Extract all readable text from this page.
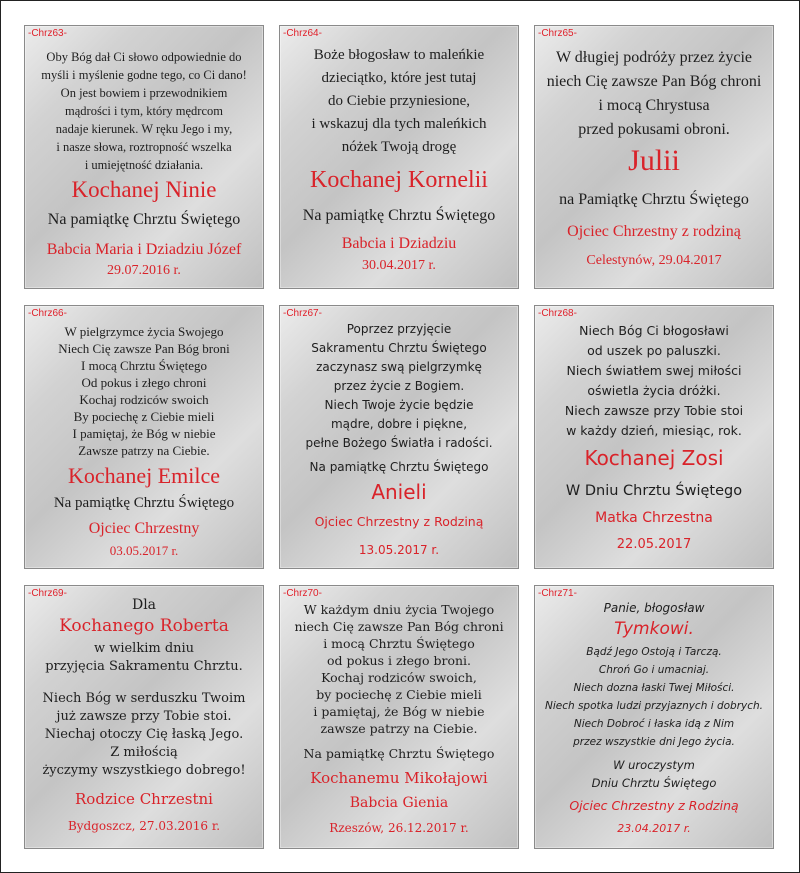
-Chrz63-
Oby Bóg dał Ci słowo odpowiednie do
myśli i myślenie godne tego, co Ci dano!
On jest bowiem i przewodnikiem
mądrości i tym, który mędrcom
nadaje kierunek. W ręku Jego i my,
i nasze słowa, roztropność wszelka
i umiejętność działania.
Kochanej Ninie
Na pamiątkę Chrztu Świętego
Babcia Maria i Dziadziu Józef
29.07.2016 r.
-Chrz64-
Boże błogosław to maleńkie
dzieciątko, które jest tutaj
do Ciebie przyniesione,
i wskazuj dla tych maleńkich
nóżek Twoją drogę
Kochanej Kornelii
Na pamiątkę Chrztu Świętego
Babcia i Dziadziu
30.04.2017 r.
-Chrz65-
W długiej podróży przez życie
niech Cię zawsze Pan Bóg chroni
i mocą Chrystusa
przed pokusami obroni.
Julii
na Pamiątkę Chrztu Świętego
Ojciec Chrzestny z rodziną
Celestynów, 29.04.2017
-Chrz66-
W pielgrzymce życia Swojego
Niech Cię zawsze Pan Bóg broni
I mocą Chrztu Świętego
Od pokus i złego chroni
Kochaj rodziców swoich
By pociechę z Ciebie mieli
I pamiętaj, że Bóg w niebie
Zawsze patrzy na Ciebie.
Kochanej Emilce
Na pamiątkę Chrztu Świętego
Ojciec Chrzestny
03.05.2017 r.
-Chrz67-
Poprzez przyjęcie
Sakramentu Chrztu Świętego
zaczynasz swą pielgrzymkę
przez życie z Bogiem.
Niech Twoje życie będzie
mądre, dobre i piękne,
pełne Bożego Światła i radości.
Na pamiątkę Chrztu Świętego
Anieli
Ojciec Chrzestny z Rodziną
13.05.2017 r.
-Chrz68-
Niech Bóg Ci błogosławi
od uszek po paluszki.
Niech światłem swej miłości
oświetla życia dróżki.
Niech zawsze przy Tobie stoi
w każdy dzień, miesiąc, rok.
Kochanej Zosi
W Dniu Chrztu Świętego
Matka Chrzestna
22.05.2017
-Chrz69-
Dla
Kochanego Roberta
w wielkim dniu
przyjęcia Sakramentu Chrztu.
Niech Bóg w serduszku Twoim
już zawsze przy Tobie stoi.
Niechaj otoczy Cię łaską Jego.
Z miłością
życzymy wszystkiego dobrego!
Rodzice Chrzestni
Bydgoszcz, 27.03.2016 r.
-Chrz70-
W każdym dniu życia Twojego
niech Cię zawsze Pan Bóg chroni
i mocą Chrztu Świętego
od pokus i złego broni.
Kochaj rodziców swoich,
by pociechę z Ciebie mieli
i pamiętaj, że Bóg w niebie
zawsze patrzy na Ciebie.
Na pamiątkę Chrztu Świętego
Kochanemu Mikołajowi
Babcia Gienia
Rzeszów, 26.12.2017 r.
-Chrz71-
Panie, błogosław
Tymkowi.
Bądź Jego Ostoją i Tarczą.
Chroń Go i umacniaj.
Niech dozna łaski Twej Miłości.
Niech spotka ludzi przyjaznych i dobrych.
Niech Dobroć i łaska idą z Nim
przez wszystkie dni Jego życia.
W uroczystym
Dniu Chrztu Świętego
Ojciec Chrzestny z Rodziną
23.04.2017 r.
